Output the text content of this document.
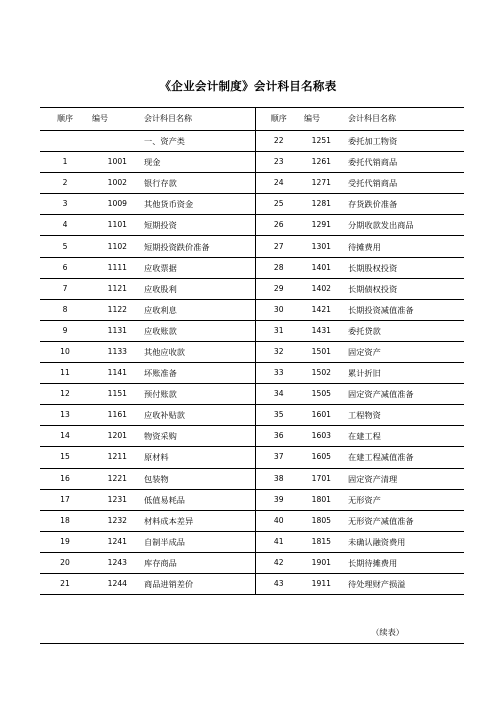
《企业会计制度》会计科目名称表
顺序	编号	会计科目名称	顺序	编号	会计科目名称
		一、资产类	22	1251	委托加工物资
1	1001	现金	23	1261	委托代销商品
2	1002	银行存款	24	1271	受托代销商品
3	1009	其他货币资金	25	1281	存货跌价准备
4	1101	短期投资	26	1291	分期收款发出商品
5	1102	短期投资跌价准备	27	1301	待摊费用
6	1111	应收票据	28	1401	长期股权投资
7	1121	应收股利	29	1402	长期债权投资
8	1122	应收利息	30	1421	长期投资减值准备
9	1131	应收账款	31	1431	委托贷款
10	1133	其他应收款	32	1501	固定资产
11	1141	坏账准备	33	1502	累计折旧
12	1151	预付账款	34	1505	固定资产减值准备
13	1161	应收补贴款	35	1601	工程物资
14	1201	物资采购	36	1603	在建工程
15	1211	原材料	37	1605	在建工程减值准备
16	1221	包装物	38	1701	固定资产清理
17	1231	低值易耗品	39	1801	无形资产
18	1232	材料成本差异	40	1805	无形资产减值准备
19	1241	自制半成品	41	1815	未确认融资费用
20	1243	库存商品	42	1901	长期待摊费用
21	1244	商品进销差价	43	1911	待处理财产损溢
（续表）
